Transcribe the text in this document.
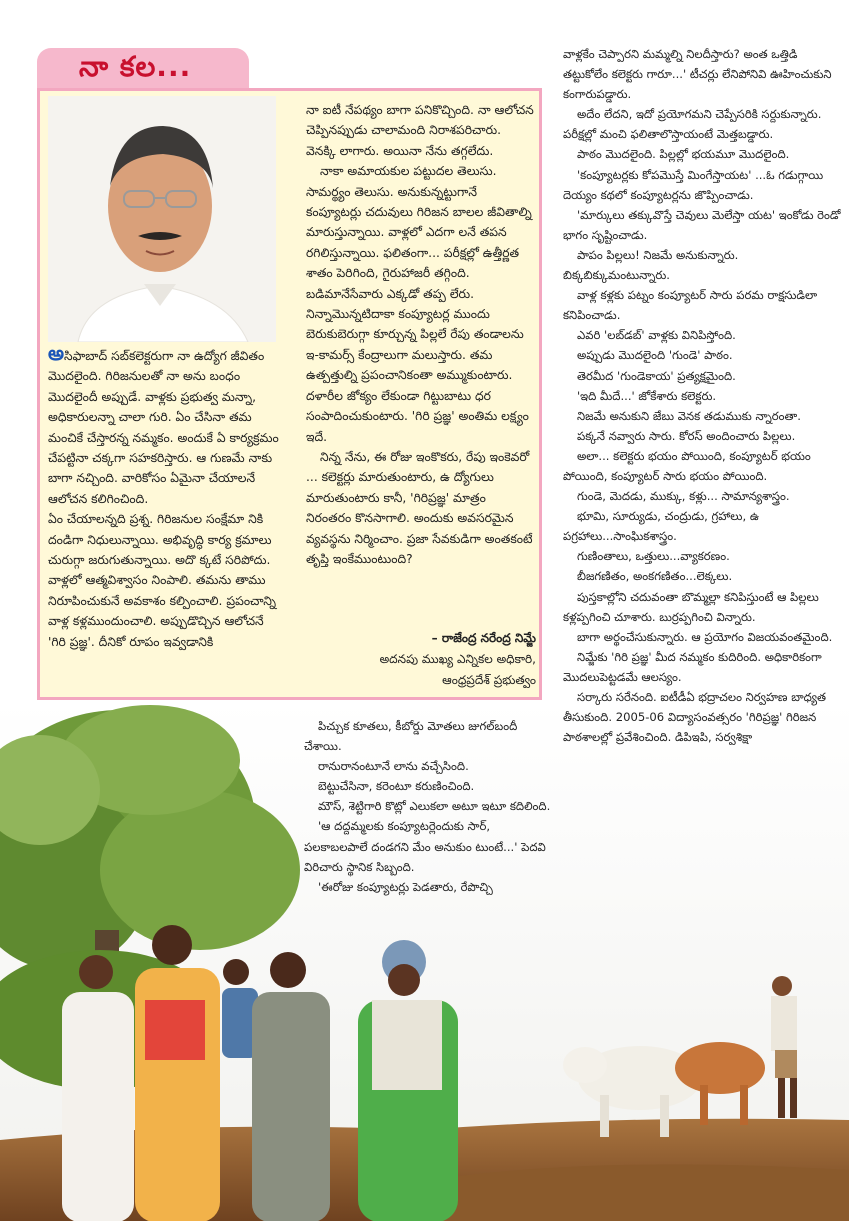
నా కల...

అసిఫాబాద్ సబ్‌కలెక్టరుగా నా ఉద్యోగ జీవితం మొదలైంది. గిరిజనులతో నా అను బంధం మొదలైందీ అప్పుడే. వాళ్లకు ప్రభుత్వ మన్నా, అధికారులన్నా చాలా గురి. ఏం చేసినా తమ మంచికే చేస్తారన్న నమ్మకం. అందుకే ఏ కార్యక్రమం చేపట్టినా చక్కగా సహకరిస్తారు. ఆ గుణమే నాకు బాగా నచ్చింది. వారికోసం ఏమైనా చేయాలనే ఆలోచన కలిగించింది.

ఏం చేయాలన్నది ప్రశ్న. గిరిజనుల సంక్షేమా నికి దండిగా నిధులున్నాయి. అభివృద్ధి కార్య క్రమాలు చురుగ్గా జరుగుతున్నాయి. అదొ క్కటే సరిపోదు. వాళ్లలో ఆత్మవిశ్వాసం నింపాలి. తమను తాము నిరూపించుకునే అవకాశం కల్పించాలి. ప్రపంచాన్ని వాళ్ల కళ్లముందుంచాలి. అప్పుడొచ్చిన ఆలోచనే 'గిరి ప్రజ్ఞ'. దీనికో రూపం ఇవ్వడానికి

నా ఐటీ నేపథ్యం బాగా పనికొచ్చింది. నా ఆలోచన చెప్పినప్పుడు చాలామంది నిరాశపరిచారు. వెనక్కి లాగారు. అయినా నేను తగ్గలేదు.

నాకా అమాయకుల పట్టుదల తెలుసు. సామర్థ్యం తెలుసు. అనుకున్నట్టుగానే కంప్యూటర్లు చదువులు గిరిజన బాలల జీవితాల్ని మారుస్తున్నాయి. వాళ్లలో ఎదగా లనే తపన రగిలిస్తున్నాయి. ఫలితంగా... పరీక్షల్లో ఉత్తీర్ణత శాతం పెరిగింది, గైరుహాజరీ తగ్గింది. బడిమానేసేవారు ఎక్కడో తప్ప లేరు. నిన్నామొన్నటిదాకా కంప్యూటర్ల ముందు బెరుకుబెరుగ్గా కూర్చున్న పిల్లలే రేపు తండాలను ఇ-కామర్స్ కేంద్రాలుగా మలుస్తారు. తమ ఉత్పత్తుల్ని ప్రపంచానికంతా అమ్ముకుంటారు. దళారీల జోక్యం లేకుండా గిట్టుబాటు ధర సంపాదించుకుంటారు. 'గిరి ప్రజ్ఞ' అంతిమ లక్ష్యం ఇదే.

నిన్న నేను, ఈ రోజు ఇంకొకరు, రేపు ఇంకెవరో ... కలెక్టర్లు మారుతుంటారు, ఉ ద్యోగులు మారుతుంటారు కానీ, 'గిరిప్రజ్ఞ' మాత్రం నిరంతరం కొనసాగాలి. అందుకు అవసరమైన వ్యవస్థను నిర్మించాం. ప్రజా సేవకుడిగా అంతకంటే తృప్తి ఇంకేముంటుంది?

– రాజేంద్ర నరేంద్ర నిమ్జే
అదనపు ముఖ్య ఎన్నికల అధికారి,
ఆంధ్రప్రదేశ్ ప్రభుత్వం

వాళ్లకేం చెప్పారని మమ్మల్ని నిలదీస్తారు? అంత ఒత్తిడి తట్టుకోలేం కలెక్టరు గారూ...' టీచర్లు లేనిపోనివి ఊహించుకుని కంగారుపడ్డారు.

అదేం లేదని, ఇదో ప్రయోగమని చెప్పేసరికి సర్దుకున్నారు. పరీక్షల్లో మంచి ఫలితాలొస్తాయంటే మెత్తబడ్డారు.

పాఠం మొదలైంది. పిల్లల్లో భయమూ మొదలైంది.

'కంప్యూటర్లకు కోపమొస్తే మింగేస్తాయట' ...ఓ గడుగ్గాయి దెయ్యం కథలో కంప్యూటర్లను జొప్పించాడు.

'మార్కులు తక్కువొస్తే చెవులు మెలేస్తా యట' ఇంకోడు రెండో భాగం సృష్టించాడు.

పాపం పిల్లలు! నిజమే అనుకున్నారు. బిక్కబిక్కుమంటున్నారు.

వాళ్ల కళ్లకు పట్నం కంప్యూటర్ సారు పరమ రాక్షసుడిలా కనిపించాడు.

ఎవరి 'లబ్‌డబ్' వాళ్లకు వినిపిస్తోంది.

అప్పుడు మొదలైంది 'గుండె' పాఠం.

తెరమీద 'గుండెకాయ' ప్రత్యక్షమైంది.

'ఇది మీదే...' జోకేశారు కలెక్టరు.

నిజమే అనుకుని జేబు వెనక తడుముకు న్నారంతా.

పక్కనే నవ్వారు సారు. కోరస్ అందించారు పిల్లలు.

అలా... కలెక్టరు భయం పోయింది, కంప్యూటర్ భయం పోయింది, కంప్యూటర్ సారు భయం పోయింది.

గుండె, మెదడు, ముక్కు, కళ్లు... సామాన్యశాస్త్రం.

భూమి, సూర్యుడు, చంద్రుడు, గ్రహాలు, ఉ పగ్రహాలు...సాంఘికశాస్త్రం.

గుణింతాలు, ఒత్తులు...వ్యాకరణం.

బీజగణితం, అంకగణితం...లెక్కలు.

పుస్తకాల్లోని చదువంతా బొమ్మల్లా కనిపిస్తుంటే ఆ పిల్లలు కళ్లప్పగించి చూశారు. బుర్రప్పగించి విన్నారు.

బాగా అర్థంచేసుకున్నారు. ఆ ప్రయోగం విజయవంతమైంది.

నిమ్జేకు 'గిరి ప్రజ్ఞ' మీద నమ్మకం కుదిరింది. అధికారికంగా మొదలుపెట్టడమే ఆలస్యం.

సర్కారు సరేనంది. ఐటీడీఏ భద్రాచలం నిర్వహణ బాధ్యత తీసుకుంది. 2005-06 విద్యాసంవత్సరం 'గిరిప్రజ్ఞ' గిరిజన పాఠశాలల్లో ప్రవేశించింది. డిపిఇపి, సర్వశిక్షా

పిచ్చుక కూతలు, కీబోర్డు మోతలు జుగల్‌బందీ చేశాయి.

రానురానంటూనే లాను వచ్చేసింది.

బెట్టుచేసినా, కరెంటూ కరుణించింది.

మౌస్, శెట్టిగారి కొట్లో ఎలుకలా అటూ ఇటూ కదిలింది.

'ఆ దద్దమ్మలకు కంప్యూటర్లెందుకు సార్, పలకాబలపాలే దండగని మేం అనుకుం టుంటే...' పెదవి విరిచారు స్థానిక సిబ్బంది.

'ఈరోజు కంప్యూటర్లు పెడతారు, రేపొచ్చి
